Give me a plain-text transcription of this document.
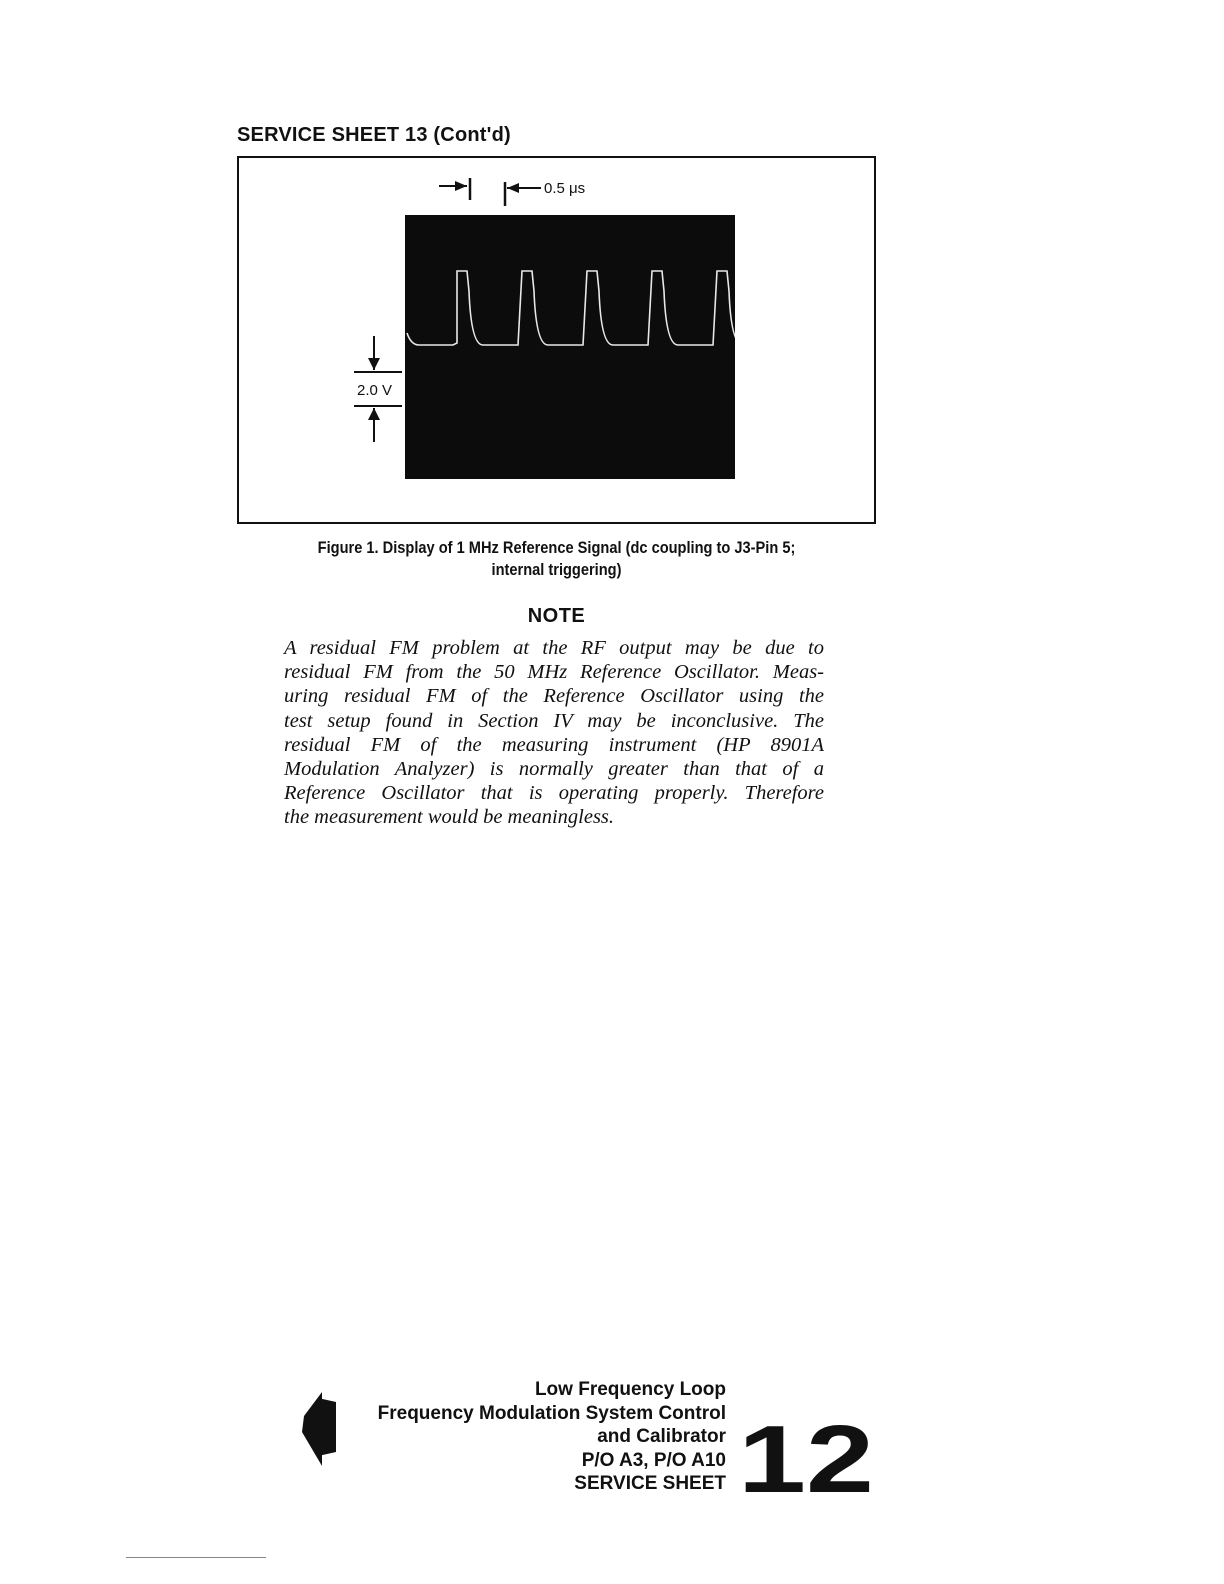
SERVICE SHEET 13 (Cont'd)
0.5 μs
2.0 V
Figure 1. Display of 1 MHz Reference Signal (dc coupling to J3-Pin 5;
internal triggering)
NOTE
A residual FM problem at the RF output may be due to
residual FM from the 50 MHz Reference Oscillator. Meas-
uring residual FM of the Reference Oscillator using the
test setup found in Section IV may be inconclusive. The
residual FM of the measuring instrument (HP 8901A
Modulation Analyzer) is normally greater than that of a
Reference Oscillator that is operating properly. Therefore
the measurement would be meaningless.
Low Frequency Loop
Frequency Modulation System Control
and Calibrator
P/O A3, P/O A10
SERVICE SHEET 12
